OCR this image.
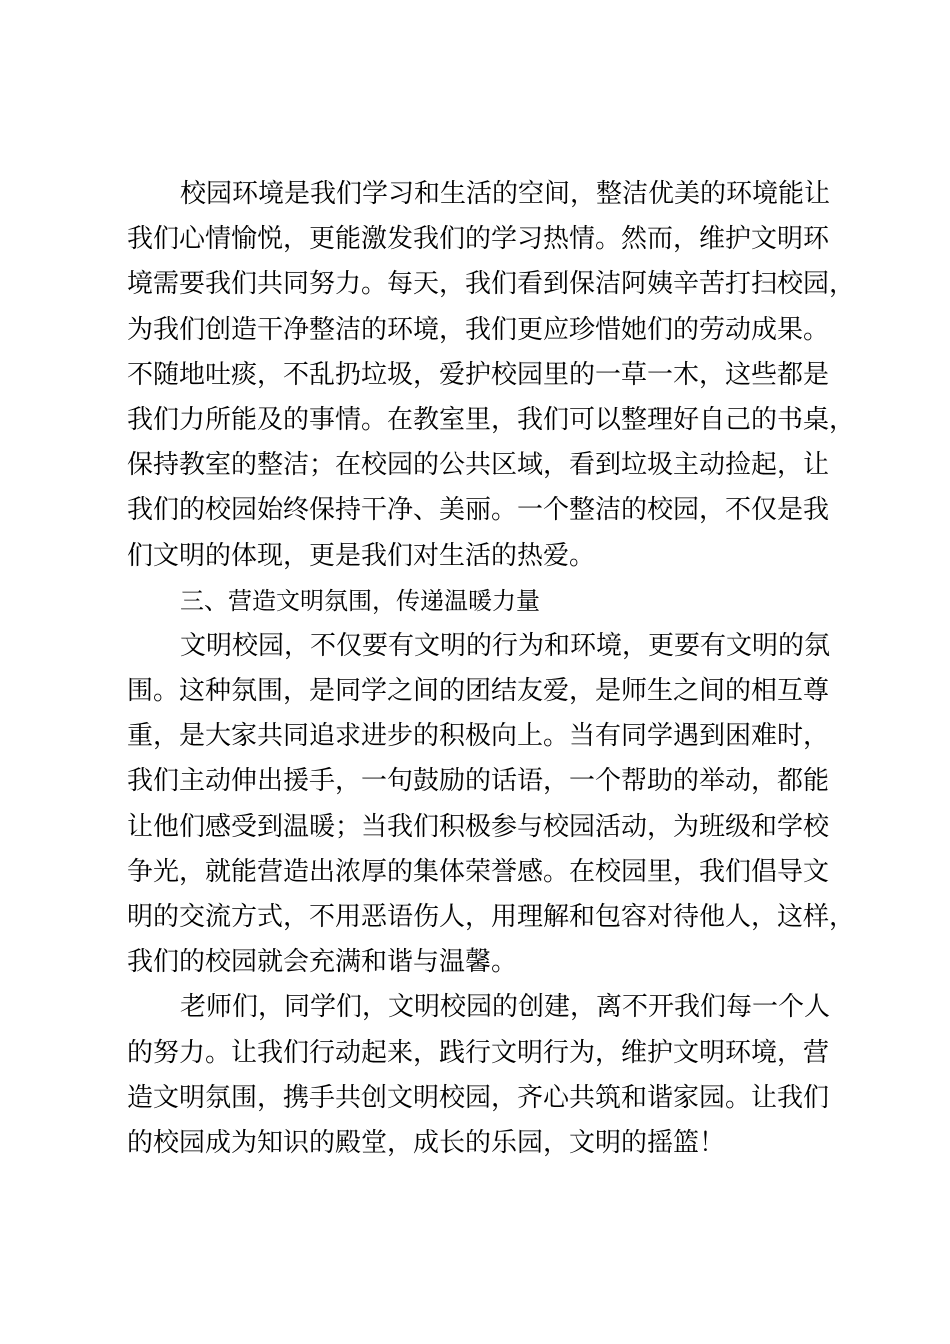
校园环境是我们学习和生活的空间，整洁优美的环境能让
我们心情愉悦，更能激发我们的学习热情。然而，维护文明环
境需要我们共同努力。每天，我们看到保洁阿姨辛苦打扫校园，
为我们创造干净整洁的环境，我们更应珍惜她们的劳动成果。
不随地吐痰，不乱扔垃圾，爱护校园里的一草一木，这些都是
我们力所能及的事情。在教室里，我们可以整理好自己的书桌，
保持教室的整洁；在校园的公共区域，看到垃圾主动捡起，让
我们的校园始终保持干净、美丽。一个整洁的校园，不仅是我
们文明的体现，更是我们对生活的热爱。
三、营造文明氛围，传递温暖力量
文明校园，不仅要有文明的行为和环境，更要有文明的氛
围。这种氛围，是同学之间的团结友爱，是师生之间的相互尊
重，是大家共同追求进步的积极向上。当有同学遇到困难时，
我们主动伸出援手，一句鼓励的话语，一个帮助的举动，都能
让他们感受到温暖；当我们积极参与校园活动，为班级和学校
争光，就能营造出浓厚的集体荣誉感。在校园里，我们倡导文
明的交流方式，不用恶语伤人，用理解和包容对待他人，这样，
我们的校园就会充满和谐与温馨。
老师们，同学们，文明校园的创建，离不开我们每一个人
的努力。让我们行动起来，践行文明行为，维护文明环境，营
造文明氛围，携手共创文明校园，齐心共筑和谐家园。让我们
的校园成为知识的殿堂，成长的乐园，文明的摇篮！
